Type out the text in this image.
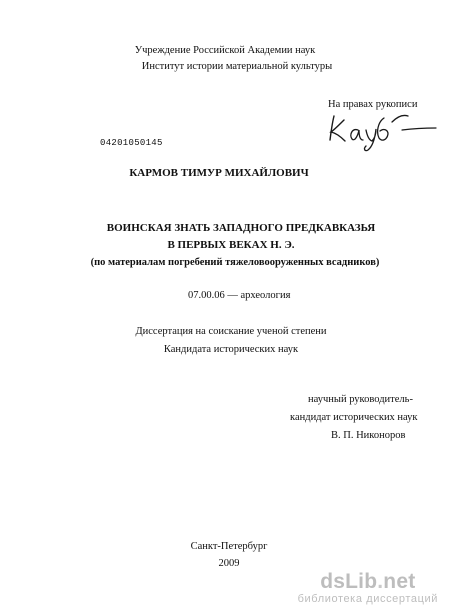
Учреждение Российской Академии наук
Институт истории материальной культуры
На правах рукописи
04201050145
КАРМОВ ТИМУР МИХАЙЛОВИЧ
ВОИНСКАЯ ЗНАТЬ ЗАПАДНОГО ПРЕДКАВКАЗЬЯ
В ПЕРВЫХ ВЕКАХ Н. Э.
(по материалам погребений тяжеловооруженных всадников)
07.00.06 — археология
Диссертация на соискание ученой степени
Кандидата исторических наук
научный руководитель-
кандидат исторических наук
В. П. Никоноров
Санкт-Петербург
2009
dsLib.net
библиотека диссертаций
